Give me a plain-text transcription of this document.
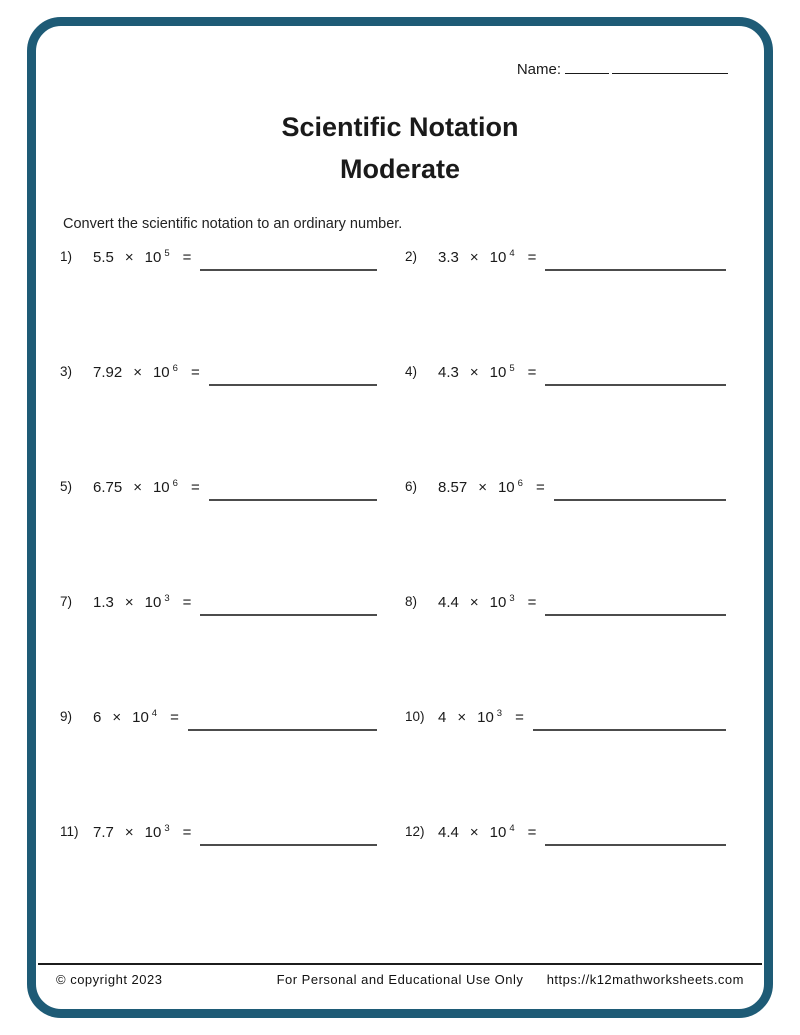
Name:
Scientific Notation
Moderate
Convert the scientific notation to an ordinary number.
1)	5.5 × 10 $^5$ =	2)	3.3 × 10 $^4$ =
3)	7.92 × 10 $^6$ =	4)	4.3 × 10 $^5$ =
5)	6.75 × 10 $^6$ =	6)	8.57 × 10 $^6$ =
7)	1.3 × 10 $^3$ =	8)	4.4 × 10 $^3$ =
9)	6 × 10 $^4$ =	10) 4 × 10 $^3$ =
11) 7.7 × 10 $^3$ =	12) 4.4 × 10 $^4$ =
© copyright 2023	For Personal and Educational Use Only	https://k12mathworksheets.com
